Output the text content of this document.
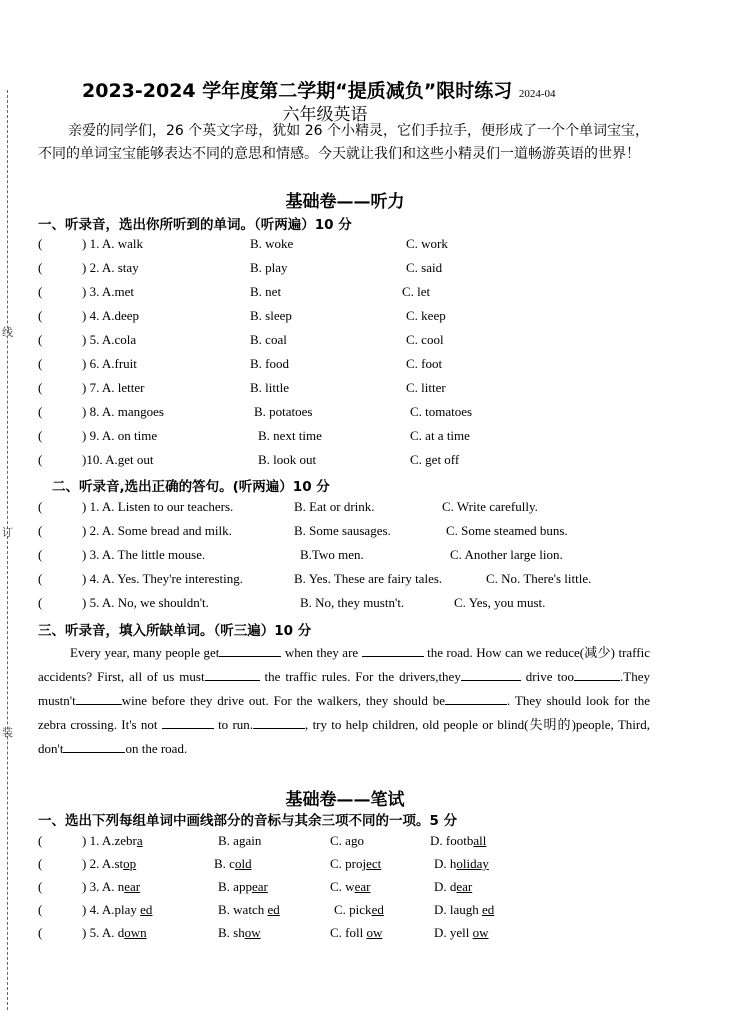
线
订
装
2023-2024 学年度第二学期“提质减负”限时练习 2024-04
六年级英语
亲爱的同学们，26 个英文字母，犹如 26 个小精灵，它们手拉手，便形成了一个个单词宝宝，不同的单词宝宝能够表达不同的意思和情感。今天就让我们和这些小精灵们一道畅游英语的世界！
基础卷——听力
一、听录音，选出你所听到的单词。（听两遍）10 分
(	) 1. A. walk	B. woke	C. work
(	) 2. A. stay	B. play	C. said
(	) 3. A.met	B. net	C. let
(	) 4. A.deep	B. sleep	C. keep
(	) 5. A.cola	B. coal	C. cool
(	) 6. A.fruit	B. food	C. foot
(	) 7. A. letter	B. little	C. litter
(	) 8. A. mangoes	B. potatoes	C. tomatoes
(	) 9. A. on time	B. next time	C. at a time
(	)10. A.get out	B. look out	C. get off
二、听录音,选出正确的答句。(听两遍）10 分
(	) 1. A. Listen to our teachers.	B. Eat or drink.	C. Write carefully.
(	) 2. A. Some bread and milk.	B. Some sausages.	C. Some steamed buns.
(	) 3. A. The little mouse.	B.Two men.	C. Another large lion.
(	) 4. A. Yes. They're interesting.	B. Yes. These are fairy tales.	C. No. There's little.
(	) 5. A. No, we shouldn't.	B. No, they mustn't.	C. Yes, you must.
三、听录音，填入所缺单词。（听三遍）10 分
Every year, many people get	when they are	the road. How can we reduce(减少) traffic accidents? First, all of us must	the traffic rules. For the drivers,they	drive too	.They mustn't	wine before they drive out. For the walkers, they should be	. They should look for the zebra crossing. It's not	to run.	, try to help children, old people or blind(失明的)people, Third, don't	on the road.
基础卷——笔试
一、选出下列每组单词中画线部分的音标与其余三项不同的一项。5 分
(	) 1. A.zebra	B. again	C. ago	D. football
(	) 2. A.stop	B. cold	C. project	D. holiday
(	) 3. A. near	B. appear	C. wear	D. dear
(	) 4. A.play ed	B. watch ed	C. picked	D. laugh ed
(	) 5. A. down	B. show	C. foll ow	D. yell ow
